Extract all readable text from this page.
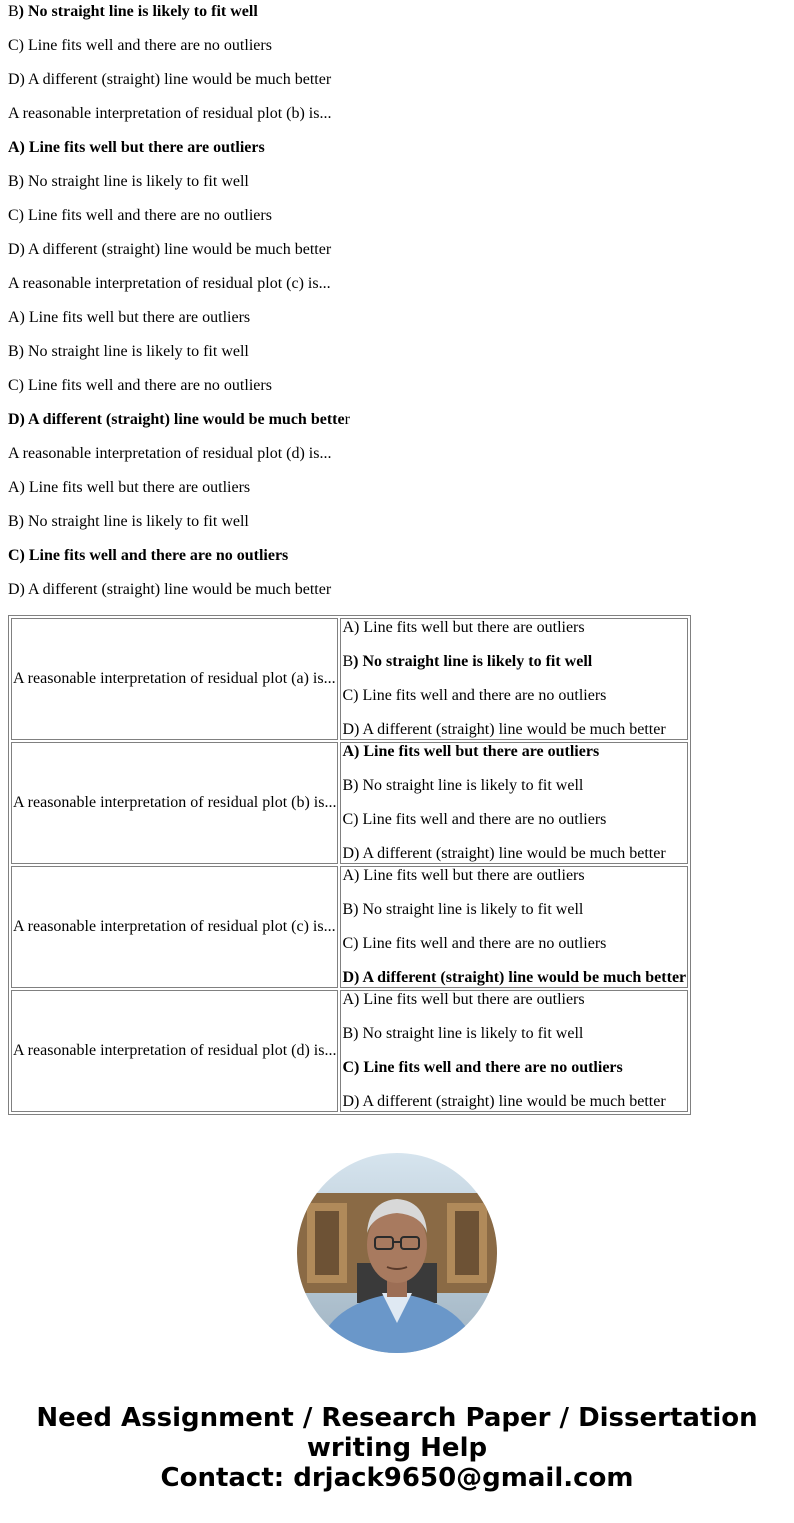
B) No straight line is likely to fit well
C) Line fits well and there are no outliers
D) A different (straight) line would be much better
A reasonable interpretation of residual plot (b) is...
A) Line fits well but there are outliers
B) No straight line is likely to fit well
C) Line fits well and there are no outliers
D) A different (straight) line would be much better
A reasonable interpretation of residual plot (c) is...
A) Line fits well but there are outliers
B) No straight line is likely to fit well
C) Line fits well and there are no outliers
D) A different (straight) line would be much better
A reasonable interpretation of residual plot (d) is...
A) Line fits well but there are outliers
B) No straight line is likely to fit well
C) Line fits well and there are no outliers
D) A different (straight) line would be much better
A reasonable interpretation of residual plot (a) is...	A) Line fits well but there are outliers
B) No straight line is likely to fit well
C) Line fits well and there are no outliers
D) A different (straight) line would be much better

A reasonable interpretation of residual plot (b) is...	A) Line fits well but there are outliers
B) No straight line is likely to fit well
C) Line fits well and there are no outliers
D) A different (straight) line would be much better

A reasonable interpretation of residual plot (c) is...	A) Line fits well but there are outliers
B) No straight line is likely to fit well
C) Line fits well and there are no outliers
D) A different (straight) line would be much better

A reasonable interpretation of residual plot (d) is...	A) Line fits well but there are outliers
B) No straight line is likely to fit well
C) Line fits well and there are no outliers
D) A different (straight) line would be much better
Need Assignment / Research Paper / Dissertation
writing Help
Contact: drjack9650@gmail.com
